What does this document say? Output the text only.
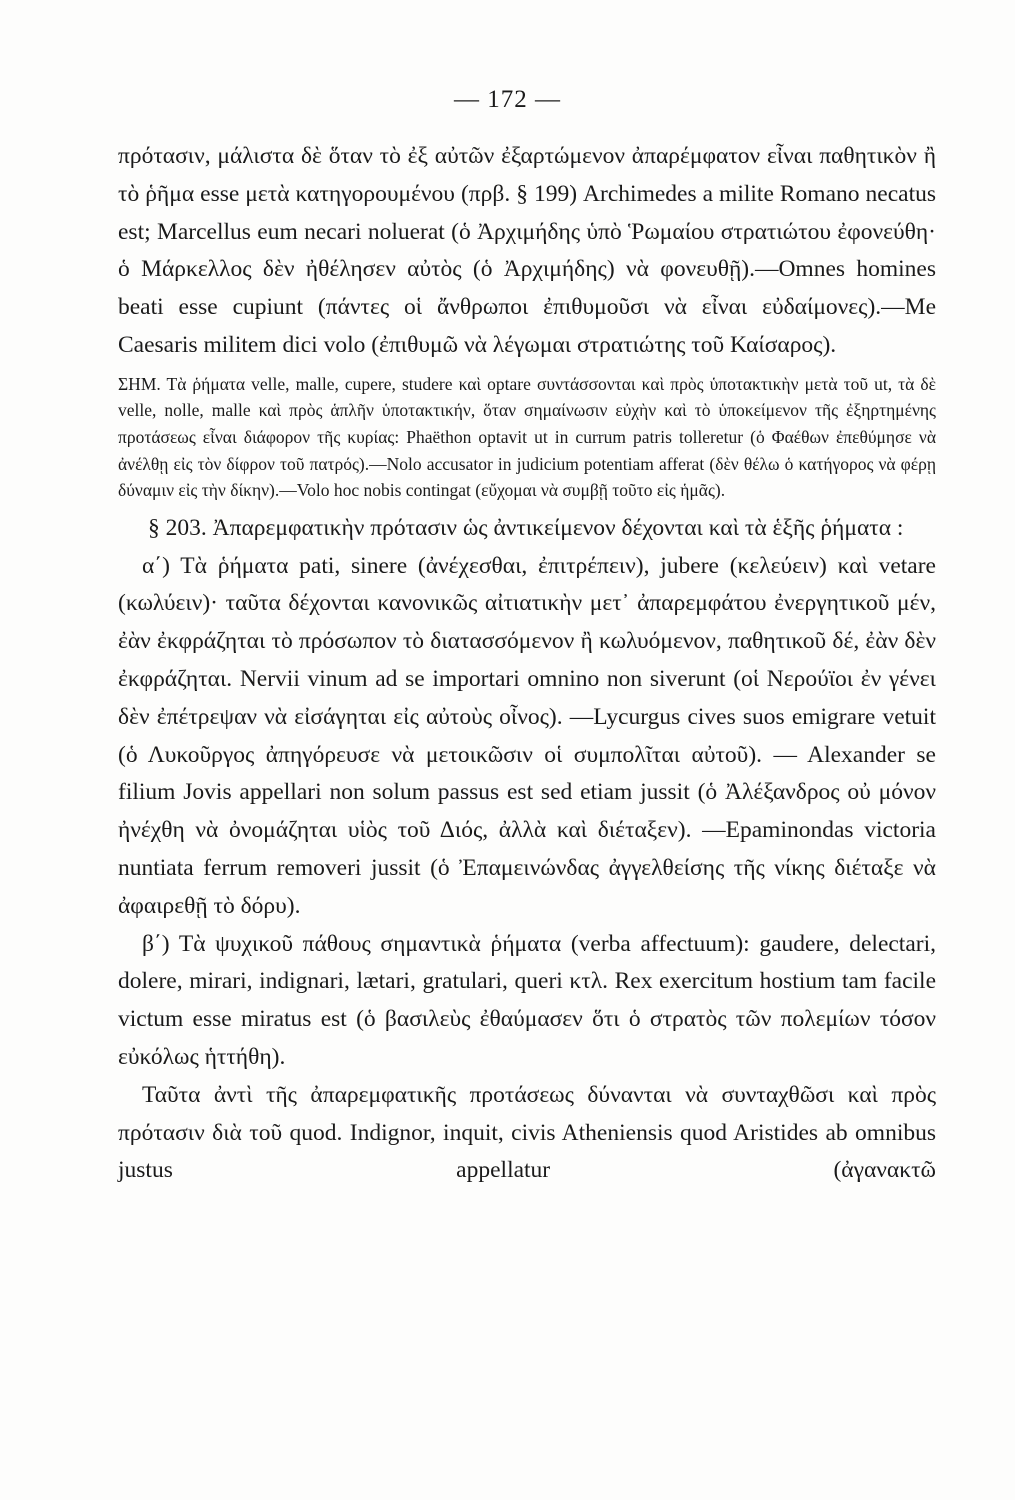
— 172 —

πρότασιν, μάλιστα δὲ ὅταν τὸ ἐξ αὐτῶν ἐξαρτώμενον ἀπαρέμφατον εἶναι παθητικὸν ἢ τὸ ῥῆμα esse μετὰ κατηγορουμένου (πρβ. § 199) Archimedes a milite Romano necatus est; Marcellus eum necari noluerat (ὁ Ἀρχιμήδης ὑπὸ Ῥωμαίου στρατιώτου ἐφονεύθη· ὁ Μάρκελλος δὲν ἠθέλησεν αὐτὸς (ὁ Ἀρχιμήδης) νὰ φονευθῇ).—Omnes homines beati esse cupiunt (πάντες οἱ ἄνθρωποι ἐπιθυμοῦσι νὰ εἶναι εὐδαίμονες).—Me Caesaris militem dici volo (ἐπιθυμῶ νὰ λέγωμαι στρατιώτης τοῦ Καίσαρος).

ΣΗΜ. Τὰ ῥήματα velle, malle, cupere, studere καὶ optare συντάσσονται καὶ πρὸς ὑποτακτικὴν μετὰ τοῦ ut, τὰ δὲ velle, nolle, malle καὶ πρὸς ἁπλῆν ὑποτακτικήν, ὅταν σημαίνωσιν εὐχὴν καὶ τὸ ὑποκείμενον τῆς ἐξηρτημένης προτάσεως εἶναι διάφορον τῆς κυρίας: Phaëthon optavit ut in currum patris tolleretur (ὁ Φαέθων ἐπεθύμησε νὰ ἀνέλθῃ εἰς τὸν δίφρον τοῦ πατρός).—Nolo accusator in judicium potentiam afferat (δὲν θέλω ὁ κατήγορος νὰ φέρῃ δύναμιν εἰς τὴν δίκην).—Volo hoc nobis contingat (εὔχομαι νὰ συμβῇ τοῦτο εἰς ἡμᾶς).

§ 203. Ἀπαρεμφατικὴν πρότασιν ὡς ἀντικείμενον δέχονται καὶ τὰ ἑξῆς ῥήματα :

α΄) Τὰ ῥήματα pati, sinere (ἀνέχεσθαι, ἐπιτρέπειν), jubere (κελεύειν) καὶ vetare (κωλύειν)· ταῦτα δέχονται κανονικῶς αἰτιατικὴν μετ᾽ ἀπαρεμφάτου ἐνεργητικοῦ μέν, ἐὰν ἐκφράζηται τὸ πρόσωπον τὸ διατασσόμενον ἢ κωλυόμενον, παθητικοῦ δέ, ἐὰν δὲν ἐκφράζηται. Nervii vinum ad se importari omnino non siverunt (οἱ Νερούϊοι ἐν γένει δὲν ἐπέτρεψαν νὰ εἰσάγηται εἰς αὐτοὺς οἶνος). —Lycurgus cives suos emigrare vetuit (ὁ Λυκοῦργος ἀπηγόρευσε νὰ μετοικῶσιν οἱ συμπολῖται αὐτοῦ). — Alexander se filium Jovis appellari non solum passus est sed etiam jussit (ὁ Ἀλέξανδρος οὐ μόνον ἠνέχθη νὰ ὀνομάζηται υἱὸς τοῦ Διός, ἀλλὰ καὶ διέταξεν). —Epaminondas victoria nuntiata ferrum removeri jussit (ὁ Ἐπαμεινώνδας ἀγγελθείσης τῆς νίκης διέταξε νὰ ἀφαιρεθῇ τὸ δόρυ).

β΄) Τὰ ψυχικοῦ πάθους σημαντικὰ ῥήματα (verba affectuum): gaudere, delectari, dolere, mirari, indignari, lætari, gratulari, queri κτλ. Rex exercitum hostium tam facile victum esse miratus est (ὁ βασιλεὺς ἐθαύμασεν ὅτι ὁ στρατὸς τῶν πολεμίων τόσον εὐκόλως ἡττήθη).

Ταῦτα ἀντὶ τῆς ἀπαρεμφατικῆς προτάσεως δύνανται νὰ συνταχθῶσι καὶ πρὸς πρότασιν διὰ τοῦ quod. Indignor, inquit, civis Atheniensis quod Aristides ab omnibus justus appellatur (ἀγανακτῶ
